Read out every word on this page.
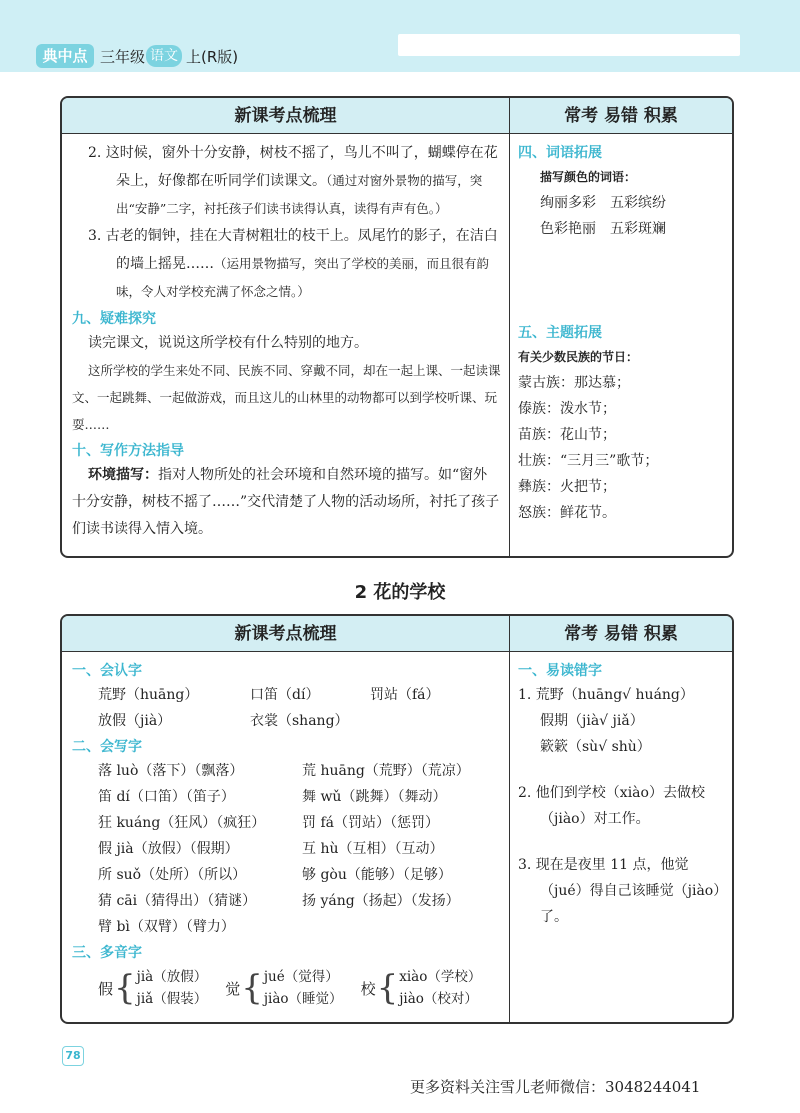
典中点 三年级 语文 上(R版)
新课考点梳理	常考 易错 积累
2. 这时候，窗外十分安静，树枝不摇了，鸟儿不叫了，蝴蝶停在花朵上，好像都在听同学们读课文。（通过对窗外景物的描写，突出“安静”二字，衬托孩子们读书读得认真，读得有声有色。）
3. 古老的铜钟，挂在大青树粗壮的枝干上。凤尾竹的影子，在洁白的墙上摇晃……（运用景物描写，突出了学校的美丽，而且很有韵味，令人对学校充满了怀念之情。）
九、疑难探究
读完课文，说说这所学校有什么特别的地方。
这所学校的学生来处不同、民族不同、穿戴不同，却在一起上课、一起读课文、一起跳舞、一起做游戏，而且这儿的山林里的动物都可以到学校听课、玩耍……
十、写作方法指导
环境描写：指对人物所处的社会环境和自然环境的描写。如“窗外十分安静，树枝不摇了……”交代清楚了人物的活动场所，衬托了孩子们读书读得入情入境。
四、词语拓展
描写颜色的词语：
绚丽多彩　 五彩缤纷
色彩艳丽　 五彩斑斓
五、主题拓展
有关少数民族的节日：
蒙古族：那达慕；
傣族：泼水节；
苗族：花山节；
壮族：“三月三”歌节；
彝族：火把节；
怒族：鲜花节。
2 花的学校
新课考点梳理	常考 易错 积累
一、会认字
荒野（huāng）	口笛（dí）	罚站（fá）
放假（jià）	衣裳（shang）
二、会写字
落 luò（落下）（飘落）	荒 huāng（荒野）（荒凉）
笛 dí（口笛）（笛子）	舞 wǔ（跳舞）（舞动）
狂 kuáng（狂风）（疯狂）	罚 fá（罚站）（惩罚）
假 jià（放假）（假期）	互 hù（互相）（互动）
所 suǒ（处所）（所以）	够 gòu（能够）（足够）
猜 cāi（猜得出）（猜谜）	扬 yáng（扬起）（发扬）
臂 bì（双臂）（臂力）
三、多音字
假 { jià（放假）
jiǎ（假装）
觉 { jué（觉得）
jiào（睡觉）
校 { xiào（学校）
jiào（校对）
一、易读错字
1. 荒野（huāng√ huáng）
假期（jià√ jiǎ）
簌簌（sù√ shù）
2. 他们到学校（xiào）去做校（jiào）对工作。
3. 现在是夜里 11 点，他觉（jué）得自己该睡觉（jiào）了。
78
更多资料关注雪儿老师微信：3048244041
